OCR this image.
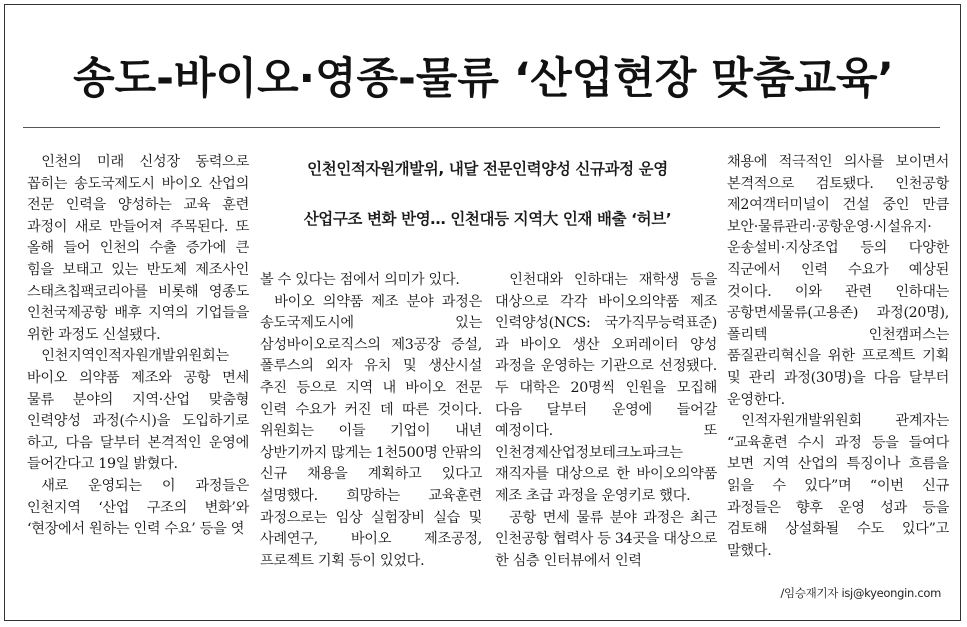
송도-바이오·영종-물류 ‘산업현장 맞춤교육’

인천의 미래 신성장 동력으로 꼽히는 송도국제도시 바이오 산업의 전문 인력을 양성하는 교육 훈련 과정이 새로 만들어져 주목된다. 또 올해 들어 인천의 수출 증가에 큰 힘을 보태고 있는 반도체 제조사인 스태츠칩팩코리아를 비롯해 영종도 인천국제공항 배후 지역의 기업들을 위한 과정도 신설됐다.

인천지역인적자원개발위원회는 바이오 의약품 제조와 공항 면세 물류 분야의 지역·산업 맞춤형 인력양성 과정(수시)을 도입하기로 하고, 다음 달부터 본격적인 운영에 들어간다고 19일 밝혔다.

새로 운영되는 이 과정들은 인천지역 ‘산업 구조의 변화’와 ‘현장에서 원하는 인력 수요’ 등을 엿

인천인적자원개발위, 내달 전문인력양성 신규과정 운영
산업구조 변화 반영… 인천대등 지역大 인재 배출 ‘허브’

볼 수 있다는 점에서 의미가 있다.

바이오 의약품 제조 분야 과정은 송도국제도시에 있는 삼성바이오로직스의 제3공장 증설, 폴루스의 외자 유치 및 생산시설 추진 등으로 지역 내 바이오 전문 인력 수요가 커진 데 따른 것이다. 위원회는 이들 기업이 내년 상반기까지 많게는 1천500명 안팎의 신규 채용을 계획하고 있다고 설명했다. 희망하는 교육훈련 과정으로는 임상 실험장비 실습 및 사례연구, 바이오 제조공정, 프로젝트 기획 등이 있었다.

인천대와 인하대는 재학생 등을 대상으로 각각 바이오의약품 제조 인력양성(NCS: 국가직무능력표준)과 바이오 생산 오퍼레이터 양성 과정을 운영하는 기관으로 선정됐다. 두 대학은 20명씩 인원을 모집해 다음 달부터 운영에 들어갈 예정이다. 또 인천경제산업정보테크노파크는 재직자를 대상으로 한 바이오의약품 제조 초급 과정을 운영키로 했다.

공항 면세 물류 분야 과정은 최근 인천공항 협력사 등 34곳을 대상으로 한 심층 인터뷰에서 인력

채용에 적극적인 의사를 보이면서 본격적으로 검토됐다. 인천공항 제2여객터미널이 건설 중인 만큼 보안·물류관리·공항운영·시설유지·운송설비·지상조업 등의 다양한 직군에서 인력 수요가 예상된 것이다. 이와 관련 인하대는 공항면세물류(고용존) 과정(20명), 폴리텍 인천캠퍼스는 품질관리혁신을 위한 프로젝트 기획 및 관리 과정(30명)을 다음 달부터 운영한다.

인적자원개발위원회 관계자는 “교육훈련 수시 과정 등을 들여다 보면 지역 산업의 특징이나 흐름을 읽을 수 있다”며 “이번 신규 과정들은 향후 운영 성과 등을 검토해 상설화될 수도 있다”고 말했다.

/임승재기자 isj@kyeongin.com
